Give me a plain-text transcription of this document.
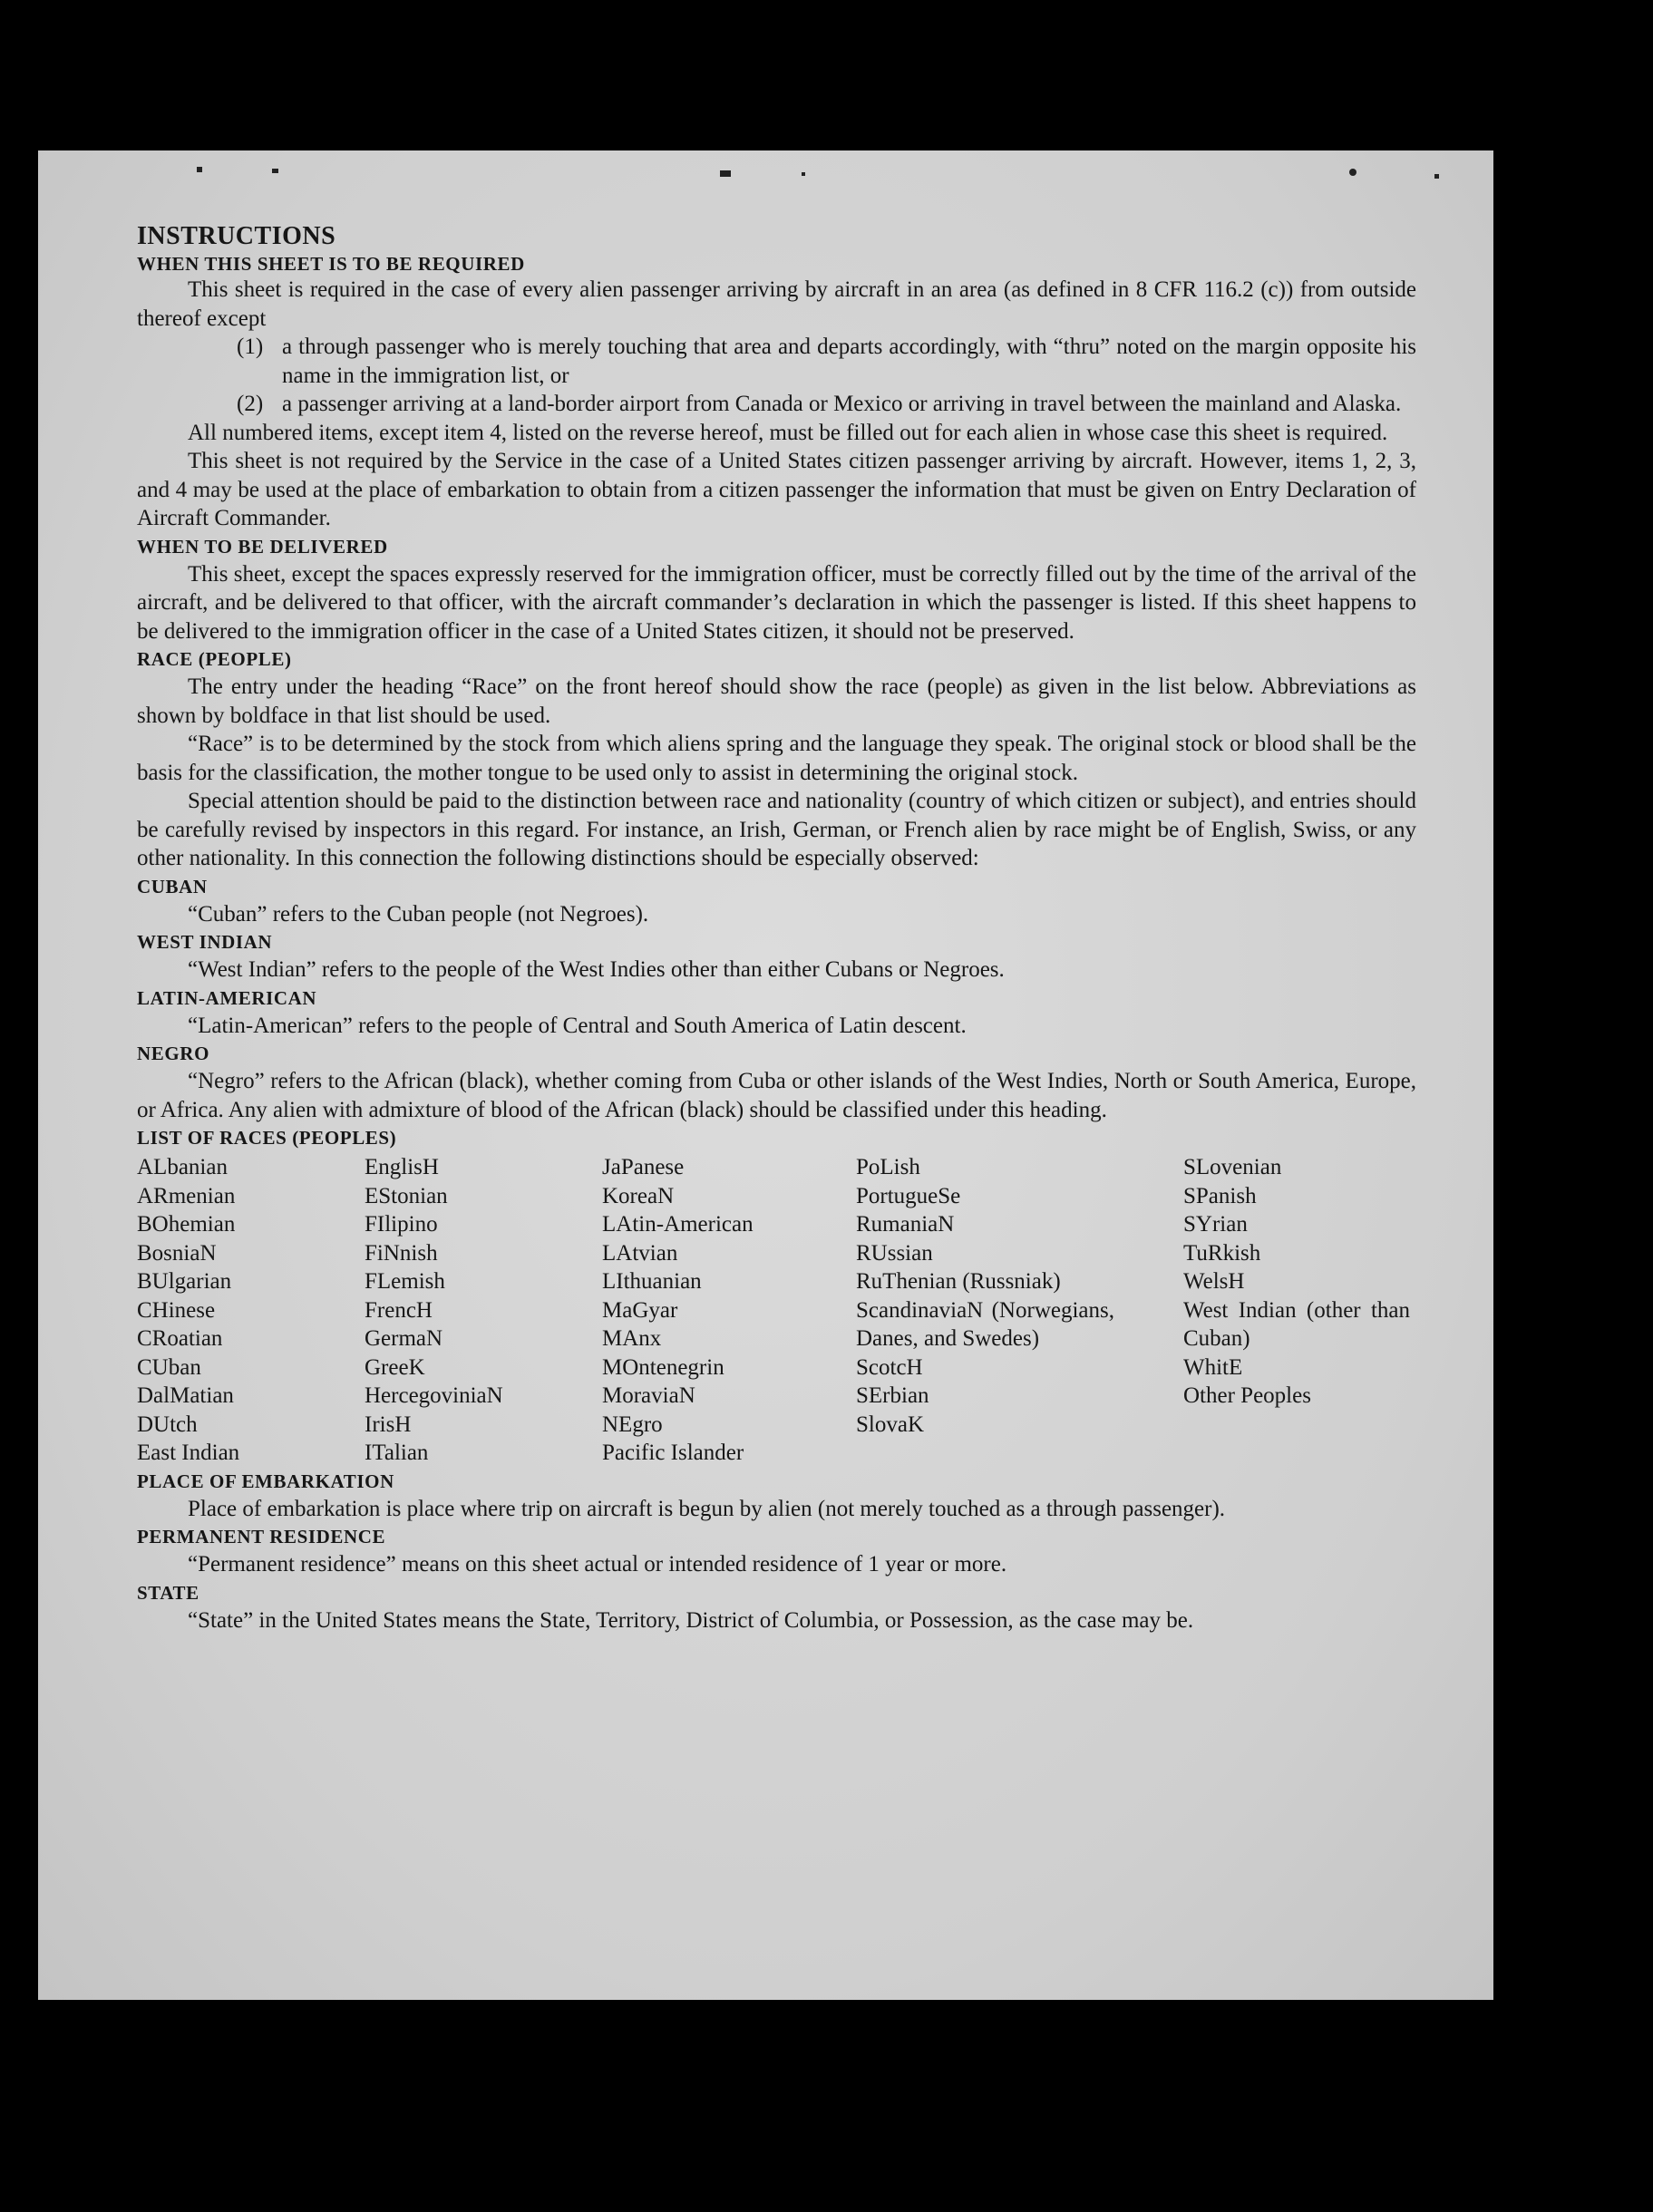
INSTRUCTIONS

WHEN THIS SHEET IS TO BE REQUIRED

This sheet is required in the case of every alien passenger arriving by aircraft in an area (as defined in 8 CFR 116.2 (c)) from outside thereof except

(1) a through passenger who is merely touching that area and departs accordingly, with “thru” noted on the margin opposite his name in the immigration list, or
(2) a passenger arriving at a land-border airport from Canada or Mexico or arriving in travel between the mainland and Alaska.

All numbered items, except item 4, listed on the reverse hereof, must be filled out for each alien in whose case this sheet is required.

This sheet is not required by the Service in the case of a United States citizen passenger arriving by aircraft. However, items 1, 2, 3, and 4 may be used at the place of embarkation to obtain from a citizen passenger the information that must be given on Entry Declaration of Aircraft Commander.

WHEN TO BE DELIVERED

This sheet, except the spaces expressly reserved for the immigration officer, must be correctly filled out by the time of the arrival of the aircraft, and be delivered to that officer, with the aircraft commander’s declaration in which the passenger is listed. If this sheet happens to be delivered to the immigration officer in the case of a United States citizen, it should not be preserved.

RACE (PEOPLE)

The entry under the heading “Race” on the front hereof should show the race (people) as given in the list below. Abbreviations as shown by boldface in that list should be used.

“Race” is to be determined by the stock from which aliens spring and the language they speak. The original stock or blood shall be the basis for the classification, the mother tongue to be used only to assist in determining the original stock.

Special attention should be paid to the distinction between race and nationality (country of which citizen or subject), and entries should be carefully revised by inspectors in this regard. For instance, an Irish, German, or French alien by race might be of English, Swiss, or any other nationality. In this connection the following distinctions should be especially observed:

CUBAN

“Cuban” refers to the Cuban people (not Negroes).

WEST INDIAN

“West Indian” refers to the people of the West Indies other than either Cubans or Negroes.

LATIN-AMERICAN

“Latin-American” refers to the people of Central and South America of Latin descent.

NEGRO

“Negro” refers to the African (black), whether coming from Cuba or other islands of the West Indies, North or South America, Europe, or Africa. Any alien with admixture of blood of the African (black) should be classified under this heading.

LIST OF RACES (PEOPLES)

ALbanian
ARmenian
BOhemian
BosniaN
BUlgarian
CHinese
CRoatian
CUban
DalMatian
DUtch
East Indian
EnglisH
EStonian
FIlipino
FiNnish
FLemish
FrencH
GermaN
GreeK
HercegoviniaN
IrisH
ITalian
JaPanese
KoreaN
LAtin-American
LAtvian
LIthuanian
MaGyar
MAnx
MOntenegrin
MoraviaN
NEgro
Pacific Islander
PoLish
PortugueSe
RumaniaN
RUssian
RuThenian (Russniak)
ScandinaviaN (Norwegians, Danes, and Swedes)
ScotcH
SErbian
SlovaK
SLovenian
SPanish
SYrian
TuRkish
WelsH
West Indian (other than Cuban)
WhitE
Other Peoples

PLACE OF EMBARKATION

Place of embarkation is place where trip on aircraft is begun by alien (not merely touched as a through passenger).

PERMANENT RESIDENCE

“Permanent residence” means on this sheet actual or intended residence of 1 year or more.

STATE

“State” in the United States means the State, Territory, District of Columbia, or Possession, as the case may be.
